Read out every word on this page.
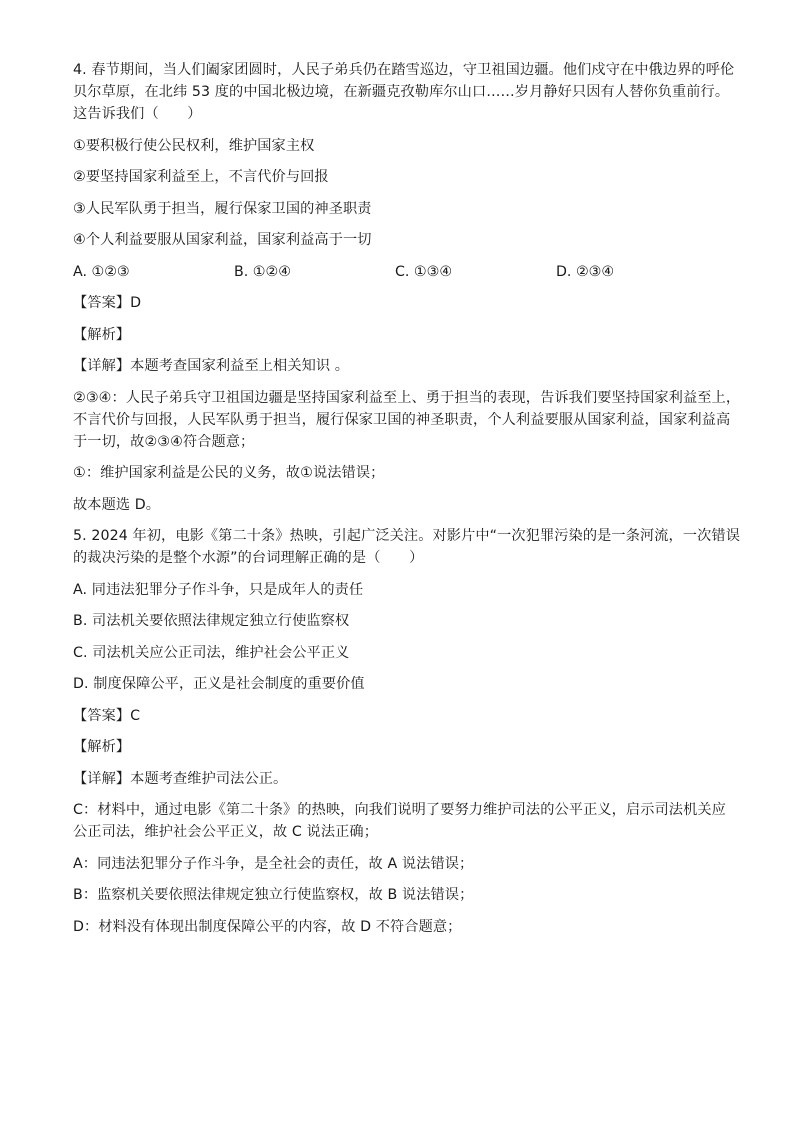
4. 春节期间，当人们阖家团圆时，人民子弟兵仍在踏雪巡边，守卫祖国边疆。他们戍守在中俄边界的呼伦
贝尔草原，在北纬 53 度的中国北极边境，在新疆克孜勒库尔山口……岁月静好只因有人替你负重前行。
这告诉我们（　　）
①要积极行使公民权利，维护国家主权
②要坚持国家利益至上，不言代价与回报
③人民军队勇于担当，履行保家卫国的神圣职责
④个人利益要服从国家利益，国家利益高于一切
A. ①②③	B. ①②④	C. ①③④	D. ②③④
【答案】D
【解析】
【详解】本题考查国家利益至上相关知识 。
②③④：人民子弟兵守卫祖国边疆是坚持国家利益至上、勇于担当的表现，告诉我们要坚持国家利益至上，
不言代价与回报，人民军队勇于担当，履行保家卫国的神圣职责，个人利益要服从国家利益，国家利益高
于一切，故②③④符合题意；
①：维护国家利益是公民的义务，故①说法错误；
故本题选 D。
5. 2024 年初，电影《第二十条》热映，引起广泛关注。对影片中“一次犯罪污染的是一条河流，一次错误
的裁决污染的是整个水源”的台词理解正确的是（　　）
A. 同违法犯罪分子作斗争，只是成年人的责任
B. 司法机关要依照法律规定独立行使监察权
C. 司法机关应公正司法，维护社会公平正义
D. 制度保障公平，正义是社会制度的重要价值
【答案】C
【解析】
【详解】本题考查维护司法公正。
C：材料中，通过电影《第二十条》的热映，向我们说明了要努力维护司法的公平正义，启示司法机关应
公正司法，维护社会公平正义，故 C 说法正确；
A：同违法犯罪分子作斗争，是全社会的责任，故 A 说法错误；
B：监察机关要依照法律规定独立行使监察权，故 B 说法错误；
D：材料没有体现出制度保障公平的内容，故 D 不符合题意；
